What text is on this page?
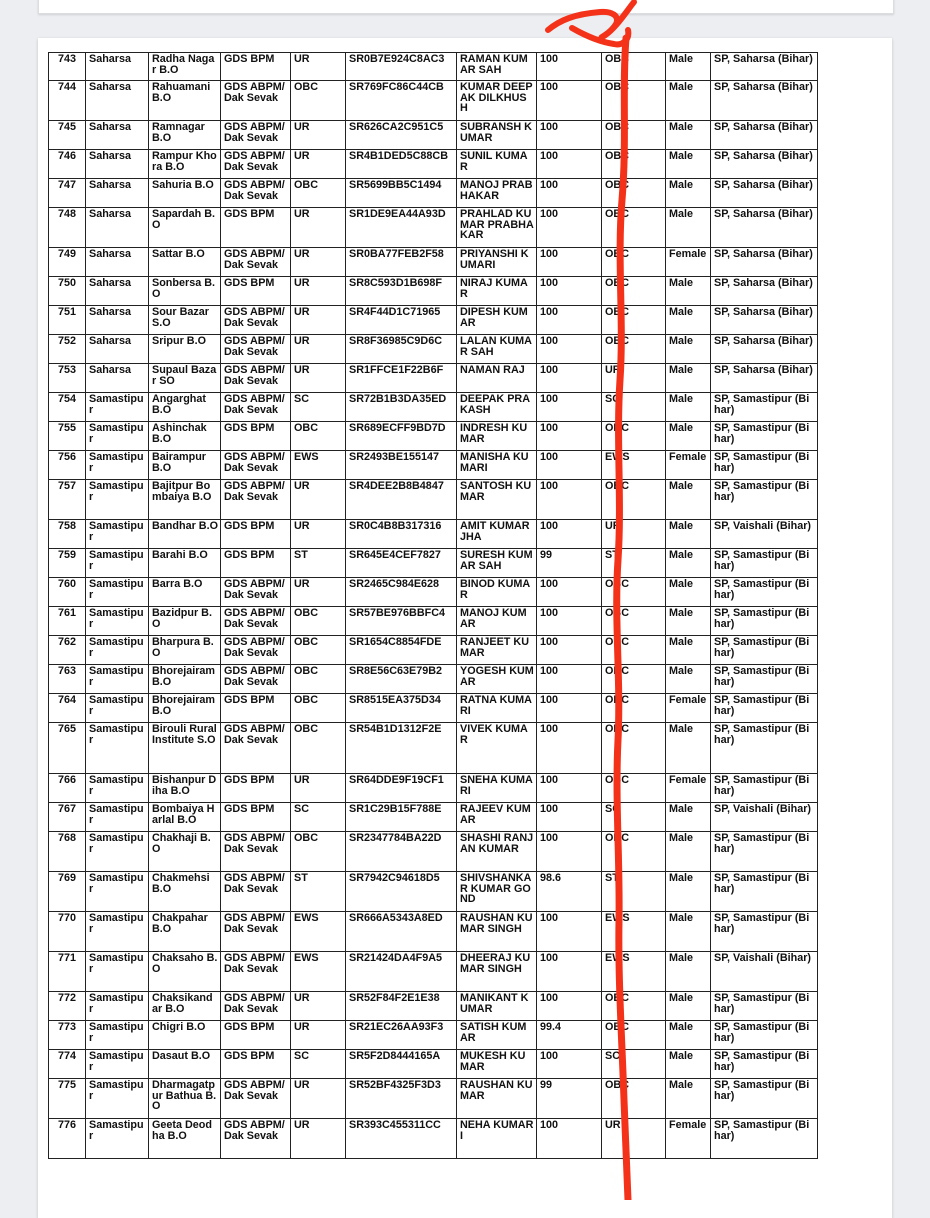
743	Saharsa	Radha Nagar B.O	GDS BPM	UR	SR0B7E924C8AC3	RAMAN KUMAR SAH	100	OBC	Male	SP, Saharsa (Bihar)
744	Saharsa	Rahuamani B.O	GDS ABPM/ Dak Sevak	OBC	SR769FC86C44CB	KUMAR DEEPAK DILKHUSH	100	OBC	Male	SP, Saharsa (Bihar)
745	Saharsa	Ramnagar B.O	GDS ABPM/ Dak Sevak	UR	SR626CA2C951C5	SUBRANSH KUMAR	100	OBC	Male	SP, Saharsa (Bihar)
746	Saharsa	Rampur Khora B.O	GDS ABPM/ Dak Sevak	UR	SR4B1DED5C88CB	SUNIL KUMAR	100	OBC	Male	SP, Saharsa (Bihar)
747	Saharsa	Sahuria B.O	GDS ABPM/ Dak Sevak	OBC	SR5699BB5C1494	MANOJ PRABHAKAR	100	OBC	Male	SP, Saharsa (Bihar)
748	Saharsa	Sapardah B.O	GDS BPM	UR	SR1DE9EA44A93D	PRAHLAD KUMAR PRABHAKAR	100	OBC	Male	SP, Saharsa (Bihar)
749	Saharsa	Sattar B.O	GDS ABPM/ Dak Sevak	UR	SR0BA77FEB2F58	PRIYANSHI KUMARI	100	OBC	Female	SP, Saharsa (Bihar)
750	Saharsa	Sonbersa B.O	GDS BPM	UR	SR8C593D1B698F	NIRAJ KUMAR	100	OBC	Male	SP, Saharsa (Bihar)
751	Saharsa	Sour Bazar S.O	GDS ABPM/ Dak Sevak	UR	SR4F44D1C71965	DIPESH KUMAR	100	OBC	Male	SP, Saharsa (Bihar)
752	Saharsa	Sripur B.O	GDS ABPM/ Dak Sevak	UR	SR8F36985C9D6C	LALAN KUMAR SAH	100	OBC	Male	SP, Saharsa (Bihar)
753	Saharsa	Supaul Bazar SO	GDS ABPM/ Dak Sevak	UR	SR1FFCE1F22B6F	NAMAN RAJ	100	UR	Male	SP, Saharsa (Bihar)
754	Samastipur	Angarghat B.O	GDS ABPM/ Dak Sevak	SC	SR72B1B3DA35ED	DEEPAK PRAKASH	100	SC	Male	SP, Samastipur (Bihar)
755	Samastipur	Ashinchak B.O	GDS BPM	OBC	SR689ECFF9BD7D	INDRESH KUMAR	100	OBC	Male	SP, Samastipur (Bihar)
756	Samastipur	Bairampur B.O	GDS ABPM/ Dak Sevak	EWS	SR2493BE155147	MANISHA KUMARI	100	EWS	Female	SP, Samastipur (Bihar)
757	Samastipur	Bajitpur Bombaiya B.O	GDS ABPM/ Dak Sevak	UR	SR4DEE2B8B4847	SANTOSH KUMAR	100	OBC	Male	SP, Samastipur (Bihar)
758	Samastipur	Bandhar B.O	GDS BPM	UR	SR0C4B8B317316	AMIT KUMAR JHA	100	UR	Male	SP, Vaishali (Bihar)
759	Samastipur	Barahi B.O	GDS BPM	ST	SR645E4CEF7827	SURESH KUMAR SAH	99	ST	Male	SP, Samastipur (Bihar)
760	Samastipur	Barra B.O	GDS ABPM/ Dak Sevak	UR	SR2465C984E628	BINOD KUMAR	100	OBC	Male	SP, Samastipur (Bihar)
761	Samastipur	Bazidpur B.O	GDS ABPM/ Dak Sevak	OBC	SR57BE976BBFC4	MANOJ KUMAR	100	OBC	Male	SP, Samastipur (Bihar)
762	Samastipur	Bharpura B.O	GDS ABPM/ Dak Sevak	OBC	SR1654C8854FDE	RANJEET KUMAR	100	OBC	Male	SP, Samastipur (Bihar)
763	Samastipur	Bhorejairam B.O	GDS ABPM/ Dak Sevak	OBC	SR8E56C63E79B2	YOGESH KUMAR	100	OBC	Male	SP, Samastipur (Bihar)
764	Samastipur	Bhorejairam B.O	GDS BPM	OBC	SR8515EA375D34	RATNA KUMARI	100	OBC	Female	SP, Samastipur (Bihar)
765	Samastipur	Birouli Rural Institute S.O	GDS ABPM/ Dak Sevak	OBC	SR54B1D1312F2E	VIVEK KUMAR	100	OBC	Male	SP, Samastipur (Bihar)
766	Samastipur	Bishanpur Diha B.O	GDS BPM	UR	SR64DDE9F19CF1	SNEHA KUMARI	100	OBC	Female	SP, Samastipur (Bihar)
767	Samastipur	Bombaiya Harlal B.O	GDS BPM	SC	SR1C29B15F788E	RAJEEV KUMAR	100	SC	Male	SP, Vaishali (Bihar)
768	Samastipur	Chakhaji B.O	GDS ABPM/ Dak Sevak	OBC	SR2347784BA22D	SHASHI RANJAN KUMAR	100	OBC	Male	SP, Samastipur (Bihar)
769	Samastipur	Chakmehsi B.O	GDS ABPM/ Dak Sevak	ST	SR7942C94618D5	SHIVSHANKAR KUMAR GOND	98.6	ST	Male	SP, Samastipur (Bihar)
770	Samastipur	Chakpahar B.O	GDS ABPM/ Dak Sevak	EWS	SR666A5343A8ED	RAUSHAN KUMAR SINGH	100	EWS	Male	SP, Samastipur (Bihar)
771	Samastipur	Chaksaho B.O	GDS ABPM/ Dak Sevak	EWS	SR21424DA4F9A5	DHEERAJ KUMAR SINGH	100	EWS	Male	SP, Vaishali (Bihar)
772	Samastipur	Chaksikandar B.O	GDS ABPM/ Dak Sevak	UR	SR52F84F2E1E38	MANIKANT KUMAR	100	OBC	Male	SP, Samastipur (Bihar)
773	Samastipur	Chigri B.O	GDS BPM	UR	SR21EC26AA93F3	SATISH KUMAR	99.4	OBC	Male	SP, Samastipur (Bihar)
774	Samastipur	Dasaut B.O	GDS BPM	SC	SR5F2D8444165A	MUKESH KUMAR	100	SC	Male	SP, Samastipur (Bihar)
775	Samastipur	Dharmagatpur Bathua B.O	GDS ABPM/ Dak Sevak	UR	SR52BF4325F3D3	RAUSHAN KUMAR	99	OBC	Male	SP, Samastipur (Bihar)
776	Samastipur	Geeta Deodha B.O	GDS ABPM/ Dak Sevak	UR	SR393C455311CC	NEHA KUMARI	100	UR	Female	SP, Samastipur (Bihar)
